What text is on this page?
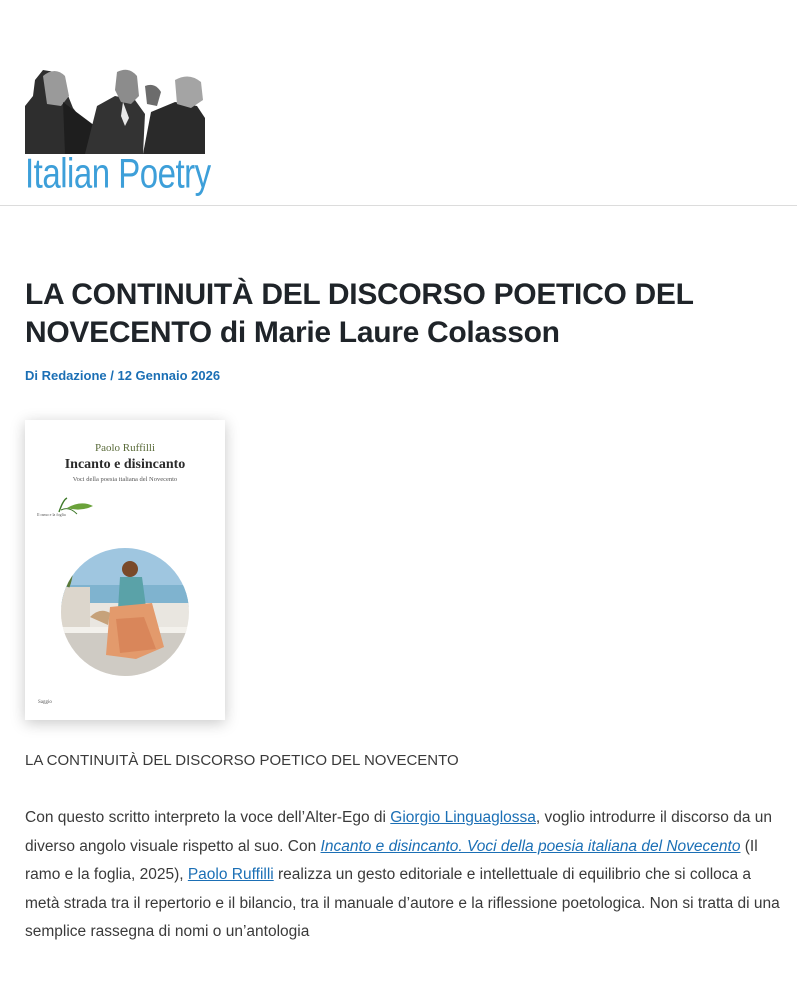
Italian Poetry
LA CONTINUITÀ DEL DISCORSO POETICO DEL NOVECENTO di Marie Laure Colasson
Di Redazione / 12 Gennaio 2026
Paolo Ruffilli
Incanto e disincanto
Voci della poesia italiana del Novecento
Il ramo e la foglia
Saggio

LA CONTINUITÀ DEL DISCORSO POETICO DEL NOVECENTO

Con questo scritto interpreto la voce dell’Alter-Ego di Giorgio Linguaglossa, voglio introdurre il discorso da un diverso angolo visuale rispetto al suo. Con Incanto e disincanto. Voci della poesia italiana del Novecento (Il ramo e la foglia, 2025), Paolo Ruffilli realizza un gesto editoriale e intellettuale di equilibrio che si colloca a metà strada tra il repertorio e il bilancio, tra il manuale d’autore e la riflessione poetologica. Non si tratta di una semplice rassegna di nomi o un’antologia
